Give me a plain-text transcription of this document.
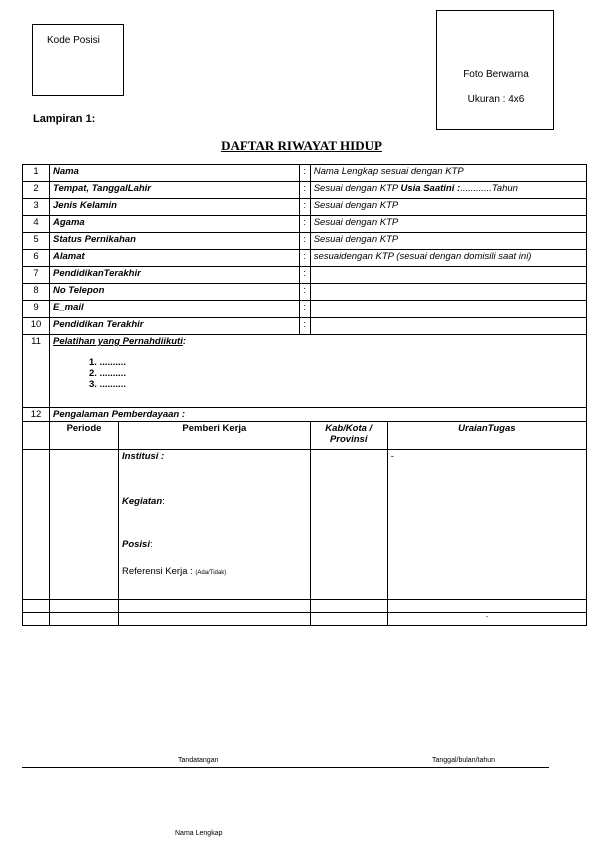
Kode Posisi
Foto Berwarna
Ukuran : 4x6
Lampiran 1:
DAFTAR RIWAYAT HIDUP
1	Nama		:	Nama Lengkap sesuai dengan KTP	
2	Tempat, TanggalLahir		:	Sesuai dengan KTP Usia Saatini :............Tahun	
3	Jenis Kelamin		:	Sesuai dengan KTP	
4	Agama		:	Sesuai dengan KTP	
5	Status Pernikahan		:	Sesuai dengan KTP	
6	Alamat		:	sesuaidengan KTP (sesuai dengan domisili saat ini)	
7	PendidikanTerakhir		:		
8	No Telepon		:		
9	E_mail		:		
10	Pendidikan Terakhir		:		
11	Pelatihan yang Pernahdiikuti:
1. ..........
2. ..........
3. ..........				

12	Pengalaman Pemberdayaan :				
	Periode	Pemberi Kerja		Kab/Kota / Provinsi	UraianTugas

		Institusi :
Kegiatan:
Posisi:
Referensi Kerja : (Ada/Tidak)			-

					-
Tandatangan	Tanggal/bulan/tahun
Nama Lengkap
